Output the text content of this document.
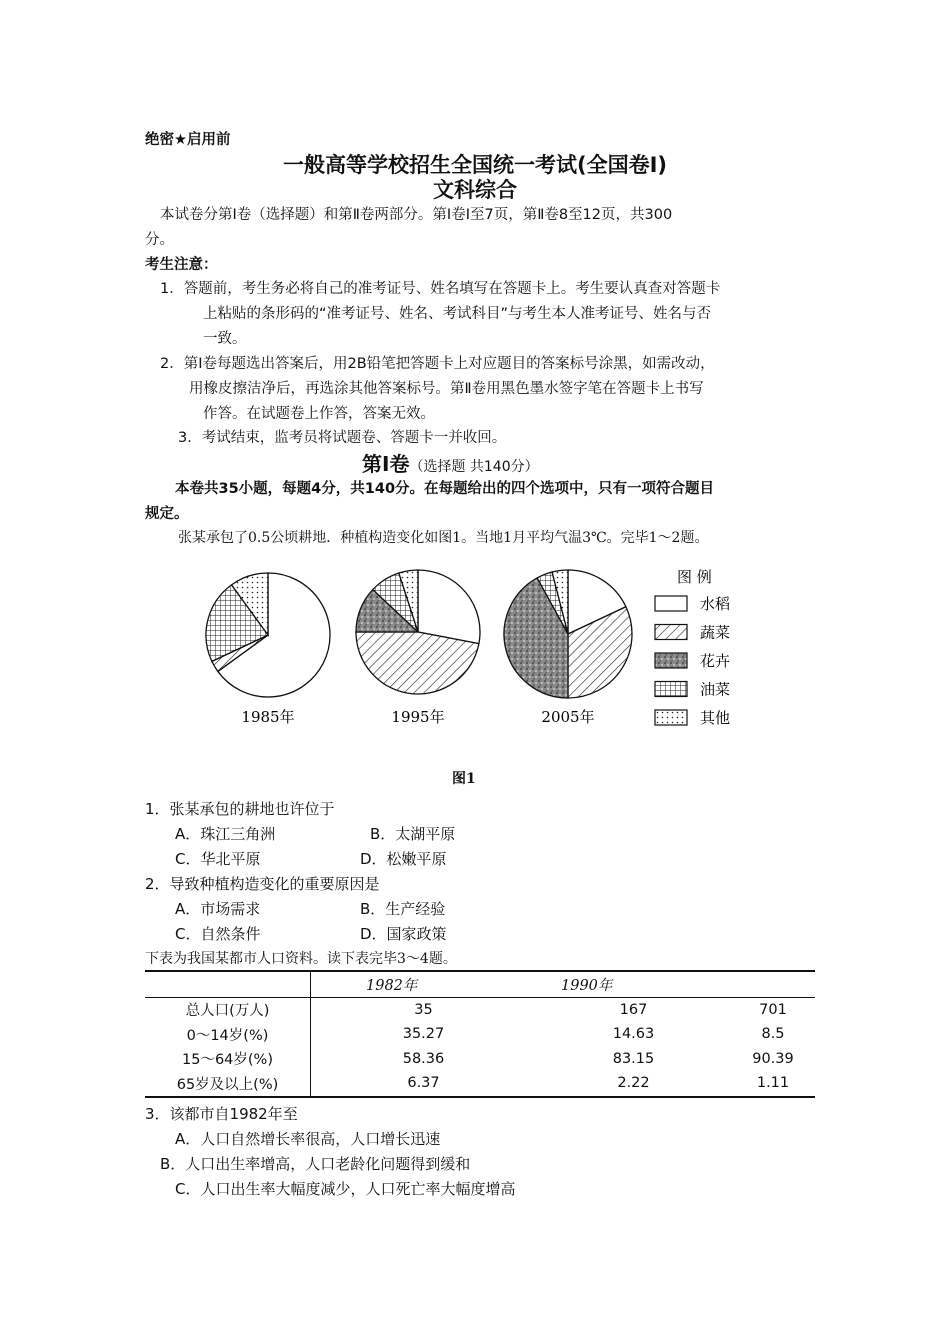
绝密★启用前
一般高等学校招生全国统一考试(全国卷Ⅰ)
文科综合
本试卷分第Ⅰ卷（选择题）和第Ⅱ卷两部分。第Ⅰ卷Ⅰ至7页，第Ⅱ卷8至12页，共300
分。
考生注意：
1．答题前，考生务必将自己的准考证号、姓名填写在答题卡上。考生要认真查对答题卡
上粘贴的条形码的“准考证号、姓名、考试科目”与考生本人准考证号、姓名与否
一致。
2．第Ⅰ卷每题选出答案后，用2B铅笔把答题卡上对应题目的答案标号涂黑，如需改动，
用橡皮擦洁净后，再选涂其他答案标号。第Ⅱ卷用黑色墨水签字笔在答题卡上书写
作答。在试题卷上作答，答案无效。
3．考试结束，监考员将试题卷、答题卡一并收回。
第Ⅰ卷（选择题 共140分）
本卷共35小题，每题4分，共140分。在每题给出的四个选项中，只有一项符合题目
规定。
张某承包了0.5公顷耕地．种植构造变化如图1。当地1月平均气温3℃。完毕1～2题。
1985年	1995年	2005年
图 例
水稻
蔬菜
花卉
油菜
其他
图1
1．张某承包的耕地也许位于
A．珠江三角洲	B．太湖平原
C．华北平原	D．松嫩平原
2．导致种植构造变化的重要原因是
A．市场需求	B．生产经验
C．自然条件	D．国家政策
下表为我国某都市人口资料。读下表完毕3～4题。
	1982年	1990年	
总人口(万人)	35	167	701
0～14岁(%)	35.27	14.63	8.5
15～64岁(%)	58.36	83.15	90.39
65岁及以上(%)	6.37	2.22	1.11
3．该都市自1982年至
A．人口自然增长率很高，人口增长迅速
B．人口出生率增高，人口老龄化问题得到缓和
C．人口出生率大幅度减少，人口死亡率大幅度增高
